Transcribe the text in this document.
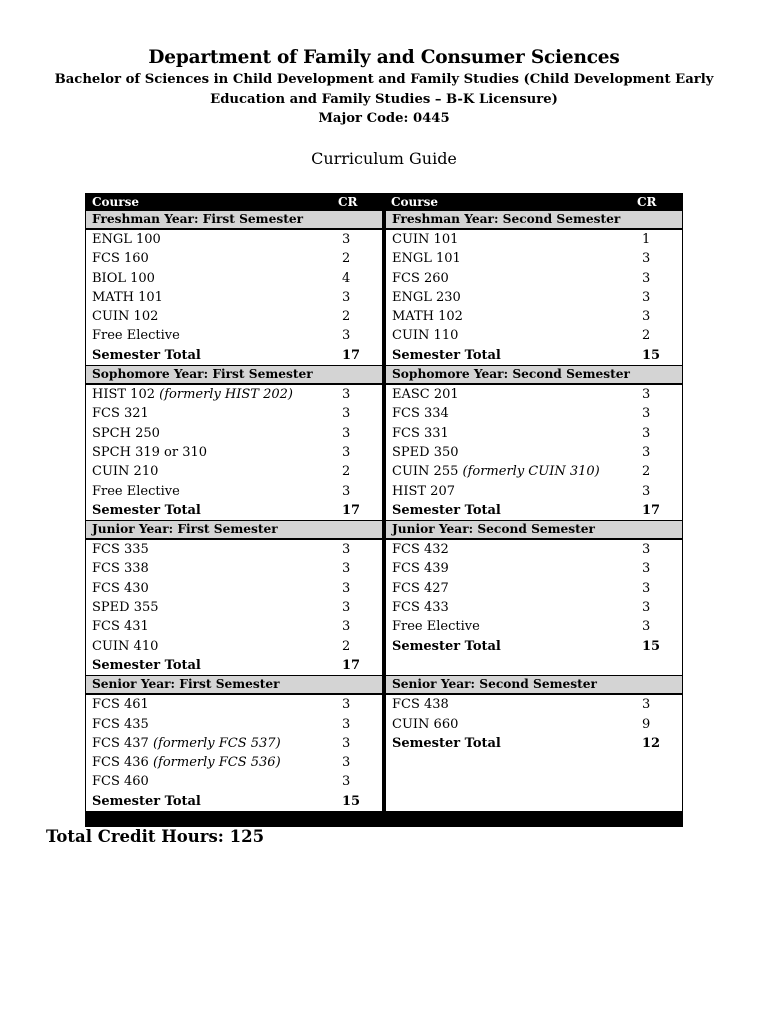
Department of Family and Consumer Sciences
Bachelor of Sciences in Child Development and Family Studies (Child Development Early
Education and Family Studies – B-K Licensure)
Major Code: 0445
Curriculum Guide
Course	CR	Course	CR
Freshman Year: First Semester
ENGL 100	3
FCS 160	2
BIOL 100	4
MATH 101	3
CUIN 102	2
Free Elective	3
Semester Total	17
Freshman Year: Second Semester
CUIN 101	1
ENGL 101	3
FCS 260	3
ENGL 230	3
MATH 102	3
CUIN 110	2
Semester Total	15
Sophomore Year: First Semester
HIST 102 (formerly HIST 202)	3
FCS 321	3
SPCH 250	3
SPCH 319 or 310	3
CUIN 210	2
Free Elective	3
Semester Total	17
Sophomore Year: Second Semester
EASC 201	3
FCS 334	3
FCS 331	3
SPED 350	3
CUIN 255 (formerly CUIN 310)	2
HIST 207	3
Semester Total	17
Junior Year: First Semester
FCS 335	3
FCS 338	3
FCS 430	3
SPED 355	3
FCS 431	3
CUIN 410	2
Semester Total	17
Junior Year: Second Semester
FCS 432	3
FCS 439	3
FCS 427	3
FCS 433	3
Free Elective	3
Semester Total	15
Senior Year: First Semester
FCS 461	3
FCS 435	3
FCS 437 (formerly FCS 537)	3
FCS 436 (formerly FCS 536)	3
FCS 460	3
Semester Total	15
Senior Year: Second Semester
FCS 438	3
CUIN 660	9
Semester Total	12
Total Credit Hours: 125
